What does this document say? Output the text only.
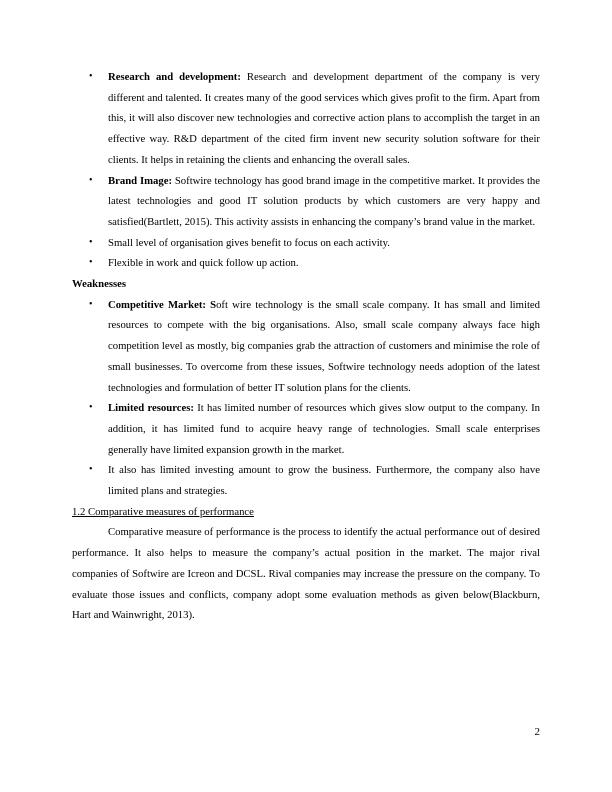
• Research and development: Research and development department of the company is very different and talented. It creates many of the good services which gives profit to the firm. Apart from this, it will also discover new technologies and corrective action plans to accomplish the target in an effective way. R&D department of the cited firm invent new security solution software for their clients. It helps in retaining the clients and enhancing the overall sales.
• Brand Image: Softwire technology has good brand image in the competitive market. It provides the latest technologies and good IT solution products by which customers are very happy and satisfied(Bartlett, 2015). This activity assists in enhancing the company’s brand value in the market.
• Small level of organisation gives benefit to focus on each activity.
• Flexible in work and quick follow up action.
Weaknesses
• Competitive Market: Soft wire technology is the small scale company. It has small and limited resources to compete with the big organisations. Also, small scale company always face high competition level as mostly, big companies grab the attraction of customers and minimise the role of small businesses. To overcome from these issues, Softwire technology needs adoption of the latest technologies and formulation of better IT solution plans for the clients.
• Limited resources: It has limited number of resources which gives slow output to the company. In addition, it has limited fund to acquire heavy range of technologies. Small scale enterprises generally have limited expansion growth in the market.
• It also has limited investing amount to grow the business. Furthermore, the company also have limited plans and strategies.
1.2 Comparative measures of performance

Comparative measure of performance is the process to identify the actual performance out of desired performance. It also helps to measure the company’s actual position in the market. The major rival companies of Softwire are Icreon and DCSL. Rival companies may increase the pressure on the company. To evaluate those issues and conflicts, company adopt some evaluation methods as given below(Blackburn, Hart and Wainwright, 2013).

2
